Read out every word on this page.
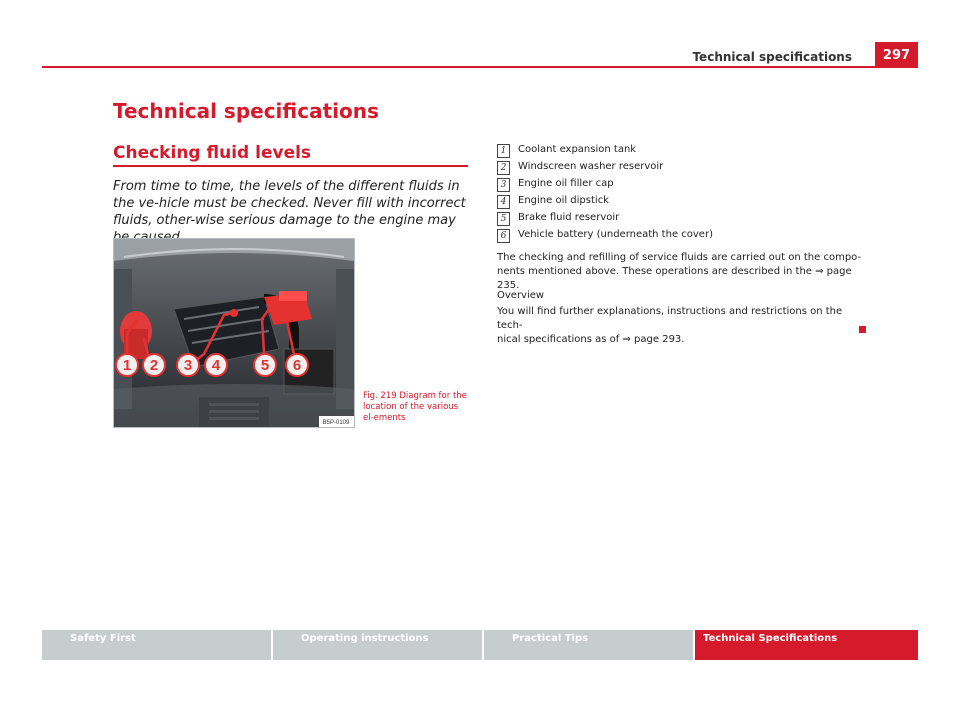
Technical specifications	297
Technical specifications
Checking fluid levels
From time to time, the levels of the different fluids in the ve-hicle must be checked. Never fill with incorrect fluids, other-wise serious damage to the engine may
1 2 3 4	5 6
B5P-0109
Fig. 219 Diagram for the location of the various el-ements
1	Coolant expansion tank
2	Windscreen washer reservoir
3	Engine oil filler cap
4	Engine oil dipstick
5	Brake fluid reservoir
6	Vehicle battery (underneath the cover)
The checking and refilling of service fluids are carried out on the compo-
nents mentioned above. These operations are described in the ⇒ page 235.
Overview
You will find further explanations, instructions and restrictions on the tech-
nical specifications as of ⇒ page 293.
Safety First	Operating instructions	Practical Tips	Technical Specifications
